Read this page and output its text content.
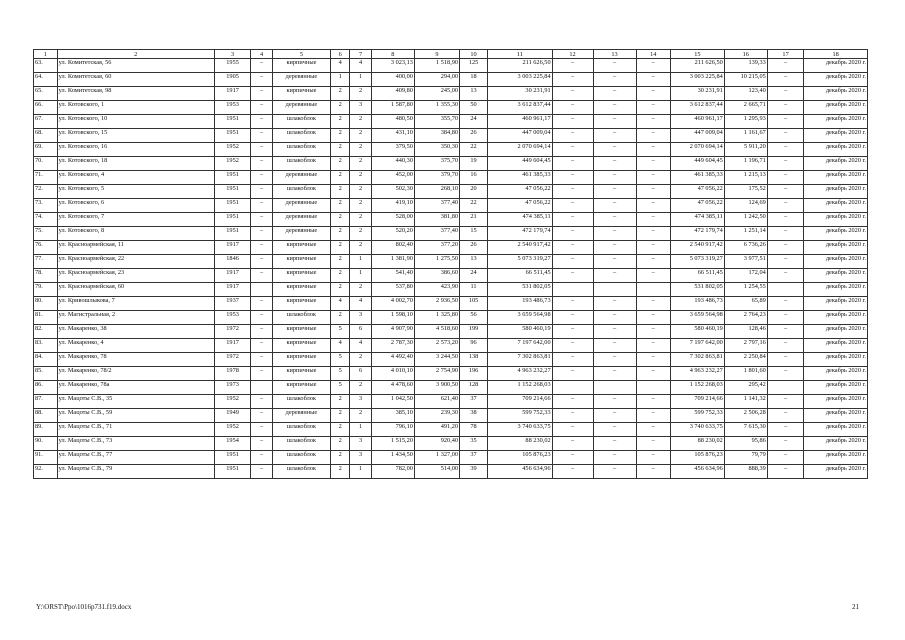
1	2	3	4	5	6	7	8	9	10	11	12	13	14	15	16	17	18
63.	ул. Комитетская, 56	1955	–	кирпичные	4	4	3 023,13	1 518,90	125	211 626,50	–	–	–	211 626,50	139,33	–	декабрь 2020 г.
64.	ул. Комитетская, 60	1905	–	деревянные	1	1	400,00	294,00	18	3 003 225,84	–	–	–	3 003 225,84	10 215,05	–	декабрь 2020 г.
65.	ул. Комитетская, 98	1917	–	кирпичные	2	2	409,80	245,00	13	30 231,91	–	–	–	30 231,91	123,40	–	декабрь 2020 г.
66.	ул. Котовского, 1	1953	–	деревянные	2	3	1 587,80	1 355,30	50	3 612 837,44	–	–	–	3 612 837,44	2 665,71	–	декабрь 2020 г.
67.	ул. Котовского, 10	1951	–	шлакоблок	2	2	480,50	355,70	24	460 961,17	–	–	–	460 961,17	1 295,93	–	декабрь 2020 г.
68.	ул. Котовского, 15	1951	–	шлакоблок	2	2	431,10	384,80	26	447 009,04	–	–	–	447 009,04	1 161,67	–	декабрь 2020 г.
69.	ул. Котовского, 16	1952	–	шлакоблок	2	2	379,50	350,30	22	2 070 694,14	–	–	–	2 070 694,14	5 911,20	–	декабрь 2020 г.
70.	ул. Котовского, 18	1952	–	шлакоблок	2	2	440,30	375,70	19	449 604,45	–	–	–	449 604,45	1 196,71	–	декабрь 2020 г.
71.	ул. Котовского, 4	1951	–	деревянные	2	2	452,00	379,70	16	461 385,33	–	–	–	461 385,33	1 215,13	–	декабрь 2020 г.
72.	ул. Котовского, 5	1951	–	шлакоблок	2	2	502,30	268,10	20	47 056,22	–	–	–	47 056,22	175,52	–	декабрь 2020 г.
73.	ул. Котовского, 6	1951	–	деревянные	2	2	419,10	377,40	22	47 056,22	–	–	–	47 056,22	124,69	–	декабрь 2020 г.
74.	ул. Котовского, 7	1951	–	деревянные	2	2	528,00	381,80	21	474 385,11	–	–	–	474 385,11	1 242,50	–	декабрь 2020 г.
75.	ул. Котовского, 8	1951	–	деревянные	2	2	520,20	377,40	15	472 179,74	–	–	–	472 179,74	1 251,14	–	декабрь 2020 г.
76.	ул. Красноармейская, 11	1917	–	кирпичные	2	2	802,40	377,20	26	2 540 917,42	–	–	–	2 540 917,42	6 736,26	–	декабрь 2020 г.
77.	ул. Красноармейская, 22	1846	–	кирпичные	2	1	1 381,90	1 275,50	13	5 073 319,27	–	–	–	5 073 319,27	3 977,51	–	декабрь 2020 г.
78.	ул. Красноармейская, 23	1917	–	кирпичные	2	1	541,40	386,60	24	66 511,45	–	–	–	66 511,45	172,04	–	декабрь 2020 г.
79.	ул. Красноармейская, 60	1917		кирпичные	2	2	537,80	423,90	11	531 802,05				531 802,05	1 254,55		декабрь 2020 г.
80.	ул. Кривошлыкова, 7	1937	–	кирпичные	4	4	4 002,70	2 936,50	105	193 486,73	–	–	–	193 486,73	65,89	–	декабрь 2020 г.
81.	ул. Магистральная, 2	1953	–	шлакоблок	2	3	1 598,10	1 325,80	56	3 659 564,98	–	–	–	3 659 564,98	2 764,23	–	декабрь 2020 г.
82.	ул. Макаренко, 38	1972	–	кирпичные	5	6	4 907,90	4 518,60	199	580 460,19	–	–	–	580 460,19	128,46	–	декабрь 2020 г.
83.	ул. Макаренко, 4	1917	–	кирпичные	4	4	2 787,30	2 573,20	96	7 197 642,00	–	–	–	7 197 642,00	2 797,16	–	декабрь 2020 г.
84.	ул. Макаренко, 78	1972	–	кирпичные	5	2	4 492,40	3 244,50	138	7 302 863,81	–	–	–	7 302 863,81	2 250,84	–	декабрь 2020 г.
85.	ул. Макаренко, 78/2	1978	–	кирпичные	5	6	4 010,10	2 754,90	196	4 963 232,27	–	–	–	4 963 232,27	1 801,60	–	декабрь 2020 г.
86.	ул. Макаренко, 78а	1973		кирпичные	5	2	4 478,60	3 900,50	128	1 152 268,03				1 152 268,03	295,42		декабрь 2020 г.
87.	ул. Мацоты С.В., 35	1952	–	шлакоблок	2	3	1 042,50	621,40	37	709 214,66	–	–	–	709 214,66	1 141,32	–	декабрь 2020 г.
88.	ул. Мацоты С.В., 59	1949	–	деревянные	2	2	385,10	239,30	38	599 752,33	–	–	–	599 752,33	2 506,28	–	декабрь 2020 г.
89.	ул. Мацоты С.В., 71	1952	–	шлакоблок	2	1	796,10	491,20	78	3 740 633,75	–	–	–	3 740 633,75	7 615,30	–	декабрь 2020 г.
90.	ул. Мацоты С.В., 73	1954	–	шлакоблок	2	3	1 515,20	920,40	35	88 230,02	–	–	–	88 230,02	95,86	–	декабрь 2020 г.
91.	ул. Мацоты С.В., 77	1951	–	шлакоблок	2	3	1 434,50	1 327,00	37	105 876,23	–	–	–	105 876,23	79,79	–	декабрь 2020 г.
92.	ул. Мацоты С.В., 79	1951	–	шлакоблок	2	1	782,00	514,00	39	456 634,96	–	–	–	456 634,96	888,39	–	декабрь 2020 г.
Y:\ORST\Ppo\1016p731.f19.docx	21
